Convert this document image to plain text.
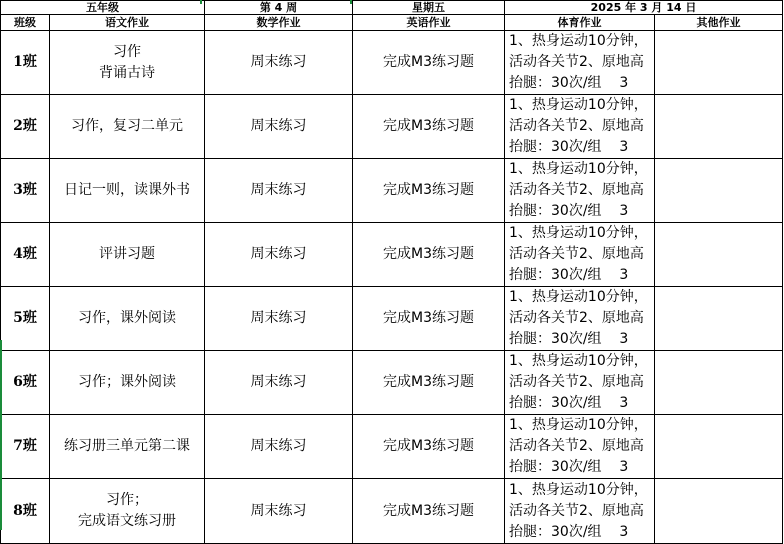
五年级		第 4 周	星期五	2025 年 3 月 14 日	
班级	语文作业	数学作业	英语作业	体育作业	其他作业
1班	习作
背诵古诗	周末练习	完成M3练习题	1、热身运动10分钟，
活动各关节2、原地高
抬腿：30次/组    3	

2班	习作，复习二单元	周末练习	完成M3练习题	1、热身运动10分钟，
活动各关节2、原地高
抬腿：30次/组    3	

3班	日记一则，读课外书	周末练习	完成M3练习题	1、热身运动10分钟，
活动各关节2、原地高
抬腿：30次/组    3	

4班	评讲习题	周末练习	完成M3练习题	1、热身运动10分钟，
活动各关节2、原地高
抬腿：30次/组    3	

5班	习作，课外阅读	周末练习	完成M3练习题	1、热身运动10分钟，
活动各关节2、原地高
抬腿：30次/组    3	

6班	习作；课外阅读	周末练习	完成M3练习题	1、热身运动10分钟，
活动各关节2、原地高
抬腿：30次/组    3	

7班	练习册三单元第二课	周末练习	完成M3练习题	1、热身运动10分钟，
活动各关节2、原地高
抬腿：30次/组    3	

8班	习作；
完成语文练习册	周末练习	完成M3练习题	1、热身运动10分钟，
活动各关节2、原地高
抬腿：30次/组    3	
